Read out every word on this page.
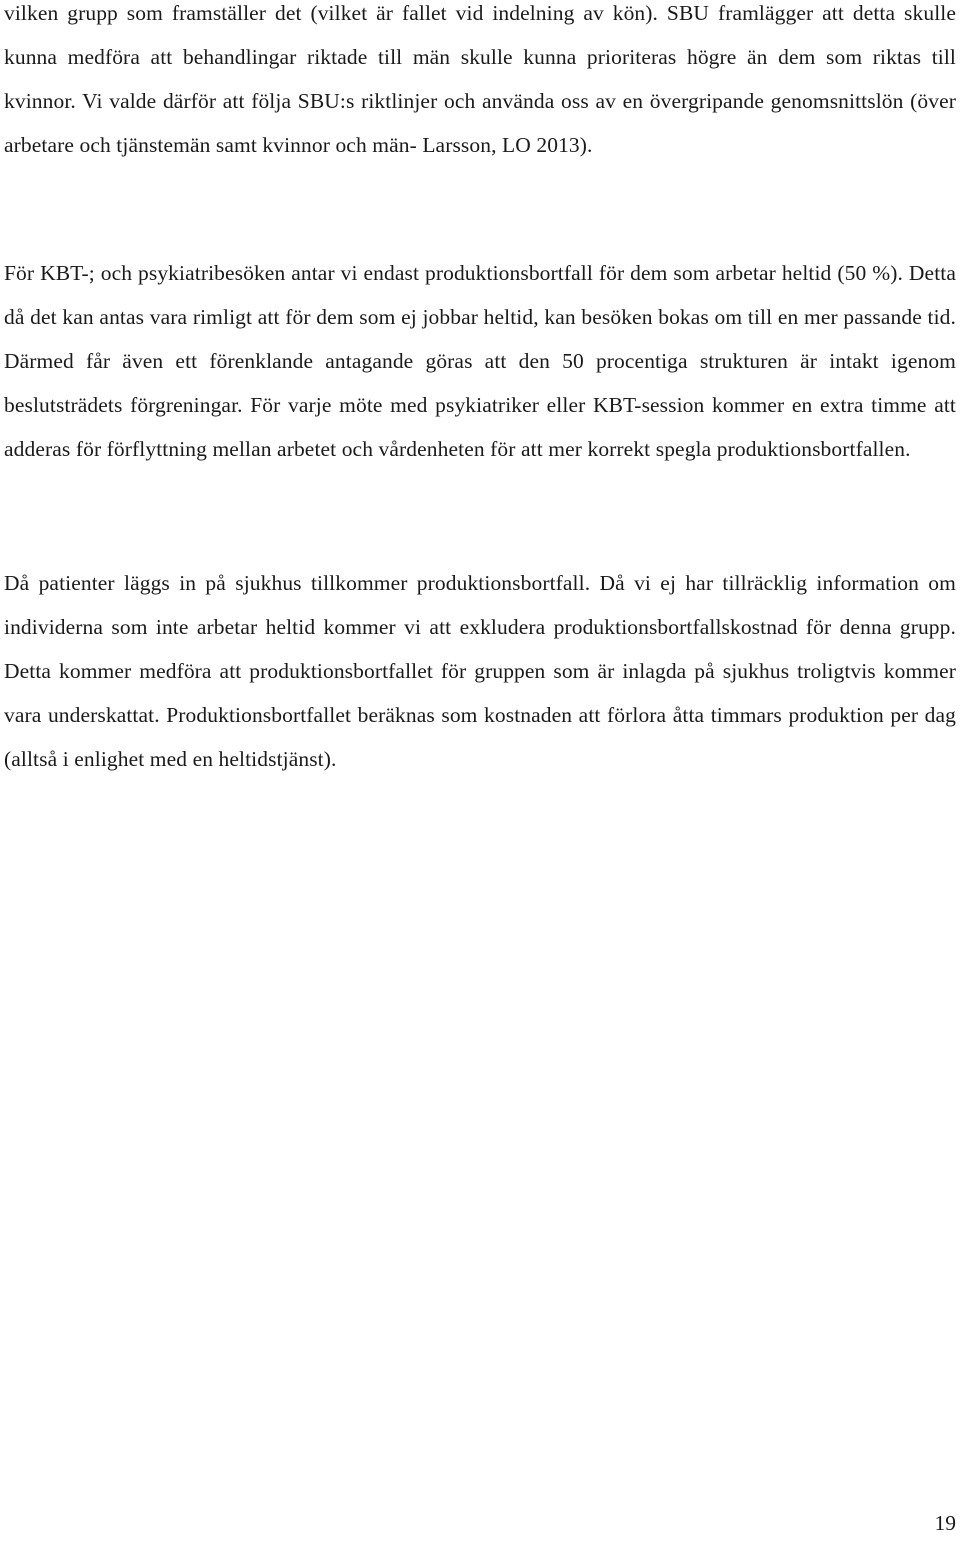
vilken grupp som framställer det (vilket är fallet vid indelning av kön). SBU framlägger att detta skulle kunna medföra att behandlingar riktade till män skulle kunna prioriteras högre än dem som riktas till kvinnor. Vi valde därför att följa SBU:s riktlinjer och använda oss av en övergripande genomsnittslön (över arbetare och tjänstemän samt kvinnor och män- Larsson, LO 2013).

För KBT-; och psykiatribesöken antar vi endast produktionsbortfall för dem som arbetar heltid (50 %). Detta då det kan antas vara rimligt att för dem som ej jobbar heltid, kan besöken bokas om till en mer passande tid. Därmed får även ett förenklande antagande göras att den 50 procentiga strukturen är intakt igenom beslutsträdets förgreningar. För varje möte med psykiatriker eller KBT-session kommer en extra timme att adderas för förflyttning mellan arbetet och vårdenheten för att mer korrekt spegla produktionsbortfallen.

Då patienter läggs in på sjukhus tillkommer produktionsbortfall. Då vi ej har tillräcklig information om individerna som inte arbetar heltid kommer vi att exkludera produktionsbortfallskostnad för denna grupp. Detta kommer medföra att produktionsbortfallet för gruppen som är inlagda på sjukhus troligtvis kommer vara underskattat. Produktionsbortfallet beräknas som kostnaden att förlora åtta timmars produktion per dag (alltså i enlighet med en heltidstjänst).

19
